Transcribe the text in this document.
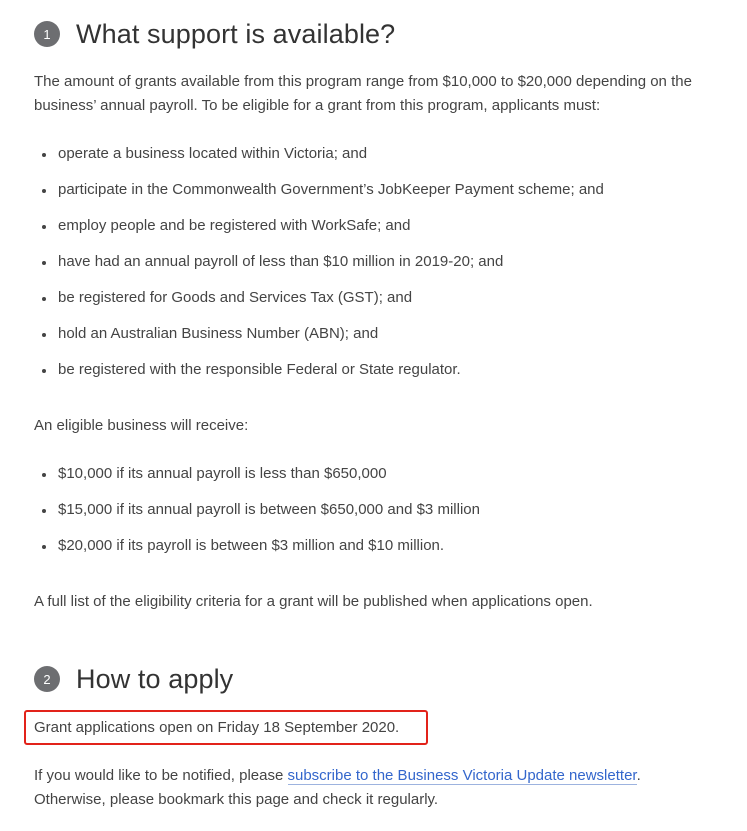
1 What support is available?

The amount of grants available from this program range from $10,000 to $20,000 depending on the business’ annual payroll. To be eligible for a grant from this program, applicants must:

operate a business located within Victoria; and
participate in the Commonwealth Government’s JobKeeper Payment scheme; and
employ people and be registered with WorkSafe; and
have had an annual payroll of less than $10 million in 2019-20; and
be registered for Goods and Services Tax (GST); and
hold an Australian Business Number (ABN); and
be registered with the responsible Federal or State regulator.

An eligible business will receive:

$10,000 if its annual payroll is less than $650,000
$15,000 if its annual payroll is between $650,000 and $3 million
$20,000 if its payroll is between $3 million and $10 million.

A full list of the eligibility criteria for a grant will be published when applications open.

2 How to apply

Grant applications open on Friday 18 September 2020.

If you would like to be notified, please subscribe to the Business Victoria Update newsletter.
Otherwise, please bookmark this page and check it regularly.
